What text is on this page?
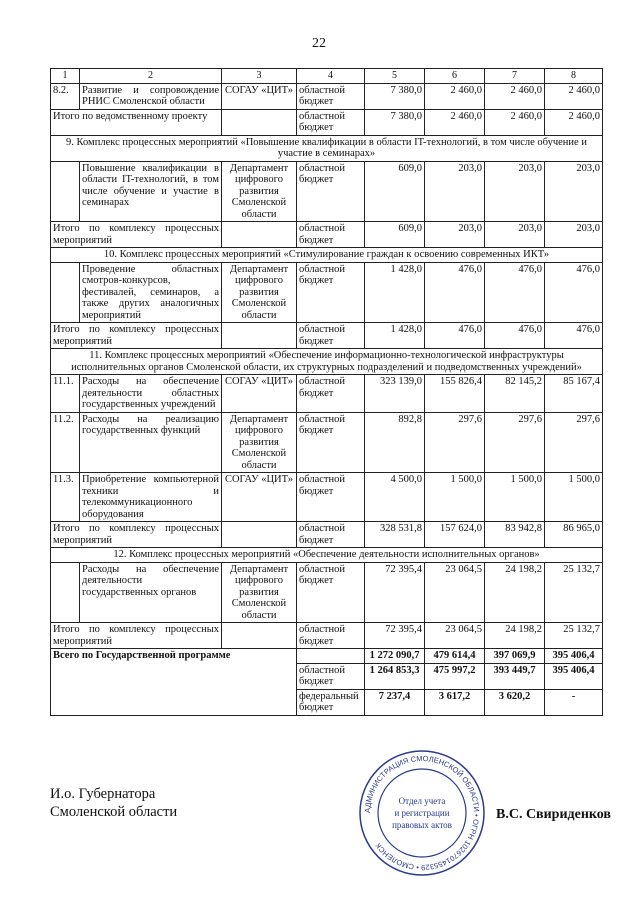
22
1	2	3	4	5	6	7	8
8.2.	Развитие и сопровождение РНИС Смоленской области	СОГАУ «ЦИТ»	областной бюджет	7 380,0	2 460,0	2 460,0	2 460,0
Итого по ведомственному проекту			областной бюджет	7 380,0	2 460,0	2 460,0	2 460,0
9. Комплекс процессных мероприятий «Повышение квалификации в области IT-технологий, в том числе обучение и участие в семинарах»							
	Повышение квалификации в области IT-технологий, в том числе обучение и участие в семинарах	Департамент цифрового развития Смоленской области	областной бюджет	609,0	203,0	203,0	203,0
Итого по комплексу процессных мероприятий			областной бюджет	609,0	203,0	203,0	203,0
10. Комплекс процессных мероприятий «Стимулирование граждан к освоению современных ИКТ»							
	Проведение областных смотров-конкурсов, фестивалей, семинаров, а также других аналогичных мероприятий	Департамент цифрового развития Смоленской области	областной бюджет	1 428,0	476,0	476,0	476,0
Итого по комплексу процессных мероприятий			областной бюджет	1 428,0	476,0	476,0	476,0
11. Комплекс процессных мероприятий «Обеспечение информационно-технологической инфраструктуры исполнительных органов Смоленской области, их структурных подразделений и подведомственных учреждений»							
11.1.	Расходы на обеспечение деятельности областных государственных учреждений	СОГАУ «ЦИТ»	областной бюджет	323 139,0	155 826,4	82 145,2	85 167,4
11.2.	Расходы на реализацию государственных функций	Департамент цифрового развития Смоленской области	областной бюджет	892,8	297,6	297,6	297,6
11.3.	Приобретение компьютерной техники и телекоммуникационного оборудования	СОГАУ «ЦИТ»	областной бюджет	4 500,0	1 500,0	1 500,0	1 500,0
Итого по комплексу процессных мероприятий			областной бюджет	328 531,8	157 624,0	83 942,8	86 965,0
12. Комплекс процессных мероприятий «Обеспечение деятельности исполнительных органов»							
	Расходы на обеспечение деятельности государственных органов	Департамент цифрового развития Смоленской области	областной бюджет	72 395,4	23 064,5	24 198,2	25 132,7
Итого по комплексу процессных мероприятий			областной бюджет	72 395,4	23 064,5	24 198,2	25 132,7
Всего по Государственной программе				1 272 090,7	479 614,4	397 069,9	395 406,4
			областной бюджет	1 264 853,3	475 997,2	393 449,7	395 406,4
			федеральный бюджет	7 237,4	3 617,2	3 620,2	-
И.о. Губернатора
Смоленской области	АДМИНИСТРАЦИЯ СМОЛЕНСКОЙ ОБЛАСТИ • ОГРН 1026701455329 • СМОЛЕНСК
Отдел учета
и регистрации
правовых актов
В.С. Свириденков
